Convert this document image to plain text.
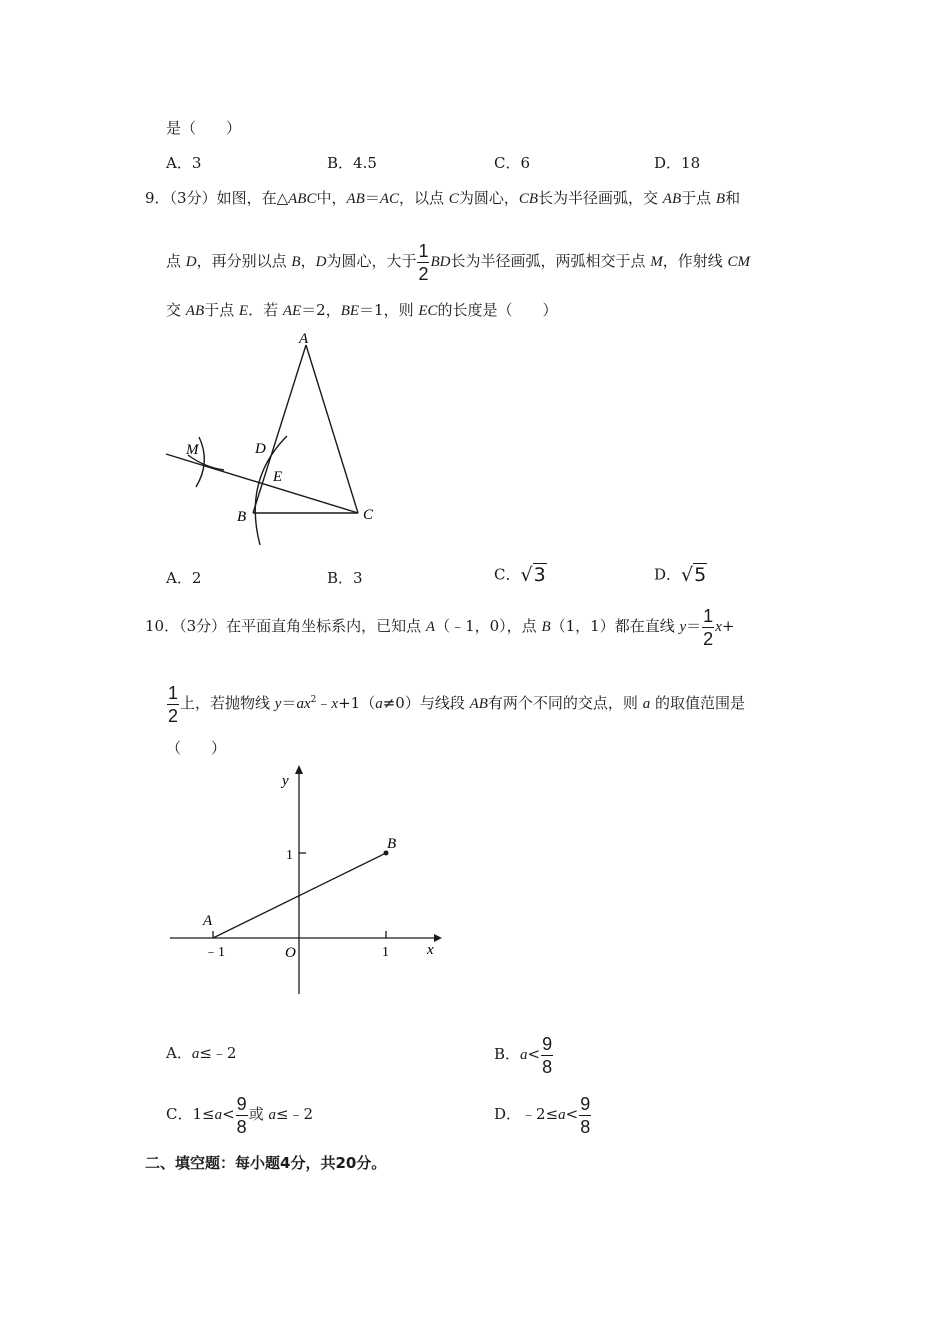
是（　　）
A．3	B．4.5	C．6	D．18
9．（3分）如图，在△ABC中，AB＝AC，以点 C为圆心，CB长为半径画弧，交 AB于点 B和
点 D，再分别以点 B，D为圆心，大于 $\frac{1}{2}$ BD长为半径画弧，两弧相交于点 M，作射线 CM
交 AB于点 E．若 AE＝2，BE＝1，则 EC的长度是（　　）
A
B	C
D
E
M
A．2	B．3	C．√3	D．√5
10．（3分）在平面直角坐标系内，已知点 A（﹣1，0），点 B（1，1）都在直线 $y= \frac{1}{2} x+$
$\frac{1}{2}$ 上，若抛物线 $y=ax^2﹣x+1(a\ne 0)$与线段 AB有两个不同的交点，则 a 的取值范围是
（　　）
y
x
1
A
B
O
﹣1	1
A．a≤﹣2	B．$a< \frac{9}{8}$
C．$1\le a< \frac{9}{8}$ 或 a≤﹣2	D．﹣2≤a< $\frac{9}{8}$
二、填空题：每小题4分，共20分。
